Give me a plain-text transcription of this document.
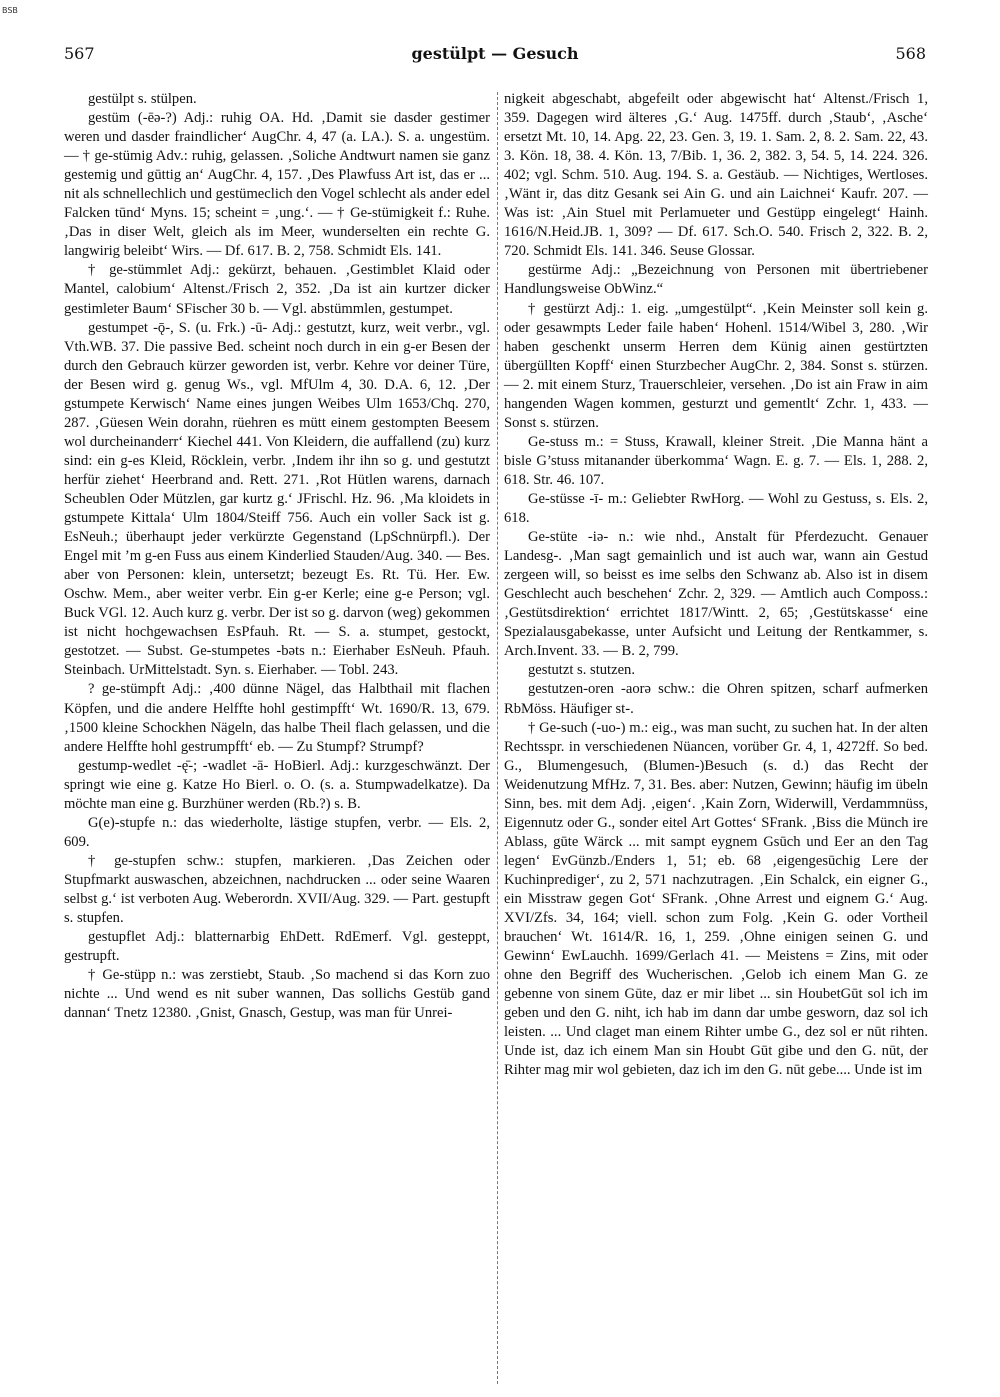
BSB
567	gestülpt — Gesuch	568

gestülpt s. stülpen.

gestüm (-ēə-?) Adj.: ruhig OA. Hd. ‚Damit sie dasder gestimer weren und dasder fraindlicher‘ AugChr. 4, 47 (a. LA.). S. a. ungestüm. — † ge-stümig Adv.: ruhig, gelassen. ‚Soliche Andtwurt namen sie ganz gestemig und gūttig an‘ AugChr. 4, 157. ‚Des Plawfuss Art ist, das er ... nit als schnellechlich und gestümeclich den Vogel schlecht als ander edel Falcken tūnd‘ Myns. 15; scheint = ‚ung.‘. — † Ge-stümigkeit f.: Ruhe. ‚Das in diser Welt, gleich als im Meer, wunderselten ein rechte G. langwirig beleibt‘ Wirs. — Df. 617. B. 2, 758. Schmidt Els. 141.

† ge-stümmlet Adj.: gekürzt, behauen. ‚Gestimblet Klaid oder Mantel, calobium‘ Altenst./Frisch 2, 352. ‚Da ist ain kurtzer dicker gestimleter Baum‘ SFischer 30 b. — Vgl. abstümmlen, gestumpet.

gestumpet -ǭ-, S. (u. Frk.) -ū- Adj.: gestutzt, kurz, weit verbr., vgl. Vth.WB. 37. Die passive Bed. scheint noch durch in ein g-er Besen der durch den Gebrauch kürzer geworden ist, verbr. Kehre vor deiner Türe, der Besen wird g. genug Ws., vgl. MfUlm 4, 30. D.A. 6, 12. ‚Der gstumpete Kerwisch‘ Name eines jungen Weibes Ulm 1653/Chq. 270, 287. ‚Güesen Wein dorahn, rüehren es mütt einem gestompten Beesem wol durcheinanderr‘ Kiechel 441. Von Kleidern, die auffallend (zu) kurz sind: ein g-es Kleid, Röcklein, verbr. ‚Indem ihr ihn so g. und gestutzt herfür ziehet‘ Heerbrand and. Rett. 271. ‚Rot Hütlen warens, darnach Scheublen Oder Mützlen, gar kurtz g.‘ JFrischl. Hz. 96. ‚Ma kloidets in gstumpete Kittala‘ Ulm 1804/Steiff 756. Auch ein voller Sack ist g. EsNeuh.; überhaupt jeder verkürzte Gegenstand (LpSchnürpfl.). Der Engel mit ’m g-en Fuss aus einem Kinderlied Stauden/Aug. 340. — Bes. aber von Personen: klein, untersetzt; bezeugt Es. Rt. Tü. Her. Ew. Oschw. Mem., aber weiter verbr. Ein g-er Kerle; eine g-e Person; vgl. Buck VGl. 12. Auch kurz g. verbr. Der ist so g. darvon (weg) gekommen ist nicht hochgewachsen EsPfauh. Rt. — S. a. stumpet, gestockt, gestotzet. — Subst. Ge-stumpetes -bəts n.: Eierhaber EsNeuh. Pfauh. Steinbach. UrMittelstadt. Syn. s. Eierhaber. — Tobl. 243.

? ge-stümpft Adj.: ‚400 dünne Nägel, das Halbthail mit flachen Köpfen, und die andere Helffte hohl gestimpfft‘ Wt. 1690/R. 13, 679. ‚1500 kleine Schockhen Nägeln, das halbe Theil flach gelassen, und die andere Helffte hohl gestrumpfft‘ eb. — Zu Stumpf? Strumpf?

gestump-wedlet -ę̄-; -wadlet -ā- HoBierl. Adj.: kurzgeschwänzt. Der springt wie eine g. Katze Ho Bierl. o. O. (s. a. Stumpwadelkatze). Da möchte man eine g. Burzhüner werden (Rb.?) s. B.

G(e)-stupfe n.: das wiederholte, lästige stupfen, verbr. — Els. 2, 609.

† ge-stupfen schw.: stupfen, markieren. ‚Das Zeichen oder Stupfmarkt auswaschen, abzeichnen, nachdrucken ... oder seine Waaren selbst g.‘ ist verboten Aug. Weberordn. XVII/Aug. 329. — Part. gestupft s. stupfen.

gestupflet Adj.: blatternarbig EhDett. RdEmerf. Vgl. gesteppt, gestrupft.

† Ge-stüpp n.: was zerstiebt, Staub. ‚So machend si das Korn zuo nichte ... Und wend es nit suber wannen, Das sollichs Gestüb gand dannan‘ Tnetz 12380. ‚Gnist, Gnasch, Gestup, was man für Unrei-

nigkeit abgeschabt, abgefeilt oder abgewischt hat‘ Altenst./Frisch 1, 359. Dagegen wird älteres ‚G.‘ Aug. 1475ff. durch ‚Staub‘, ‚Asche‘ ersetzt Mt. 10, 14. Apg. 22, 23. Gen. 3, 19. 1. Sam. 2, 8. 2. Sam. 22, 43. 3. Kön. 18, 38. 4. Kön. 13, 7/Bib. 1, 36. 2, 382. 3, 54. 5, 14. 224. 326. 402; vgl. Schm. 510. Aug. 194. S. a. Gestäub. — Nichtiges, Wertloses. ‚Wänt ir, das ditz Gesank sei Ain G. und ain Laichnei‘ Kaufr. 207. — Was ist: ‚Ain Stuel mit Perlamueter und Gestüpp eingelegt‘ Hainh. 1616/N.Heid.JB. 1, 309? — Df. 617. Sch.O. 540. Frisch 2, 322. B. 2, 720. Schmidt Els. 141. 346. Seuse Glossar.

gestürme Adj.: „Bezeichnung von Personen mit übertriebener Handlungsweise ObWinz.“

† gestürzt Adj.: 1. eig. „umgestülpt“. ‚Kein Meinster soll kein g. oder gesawmpts Leder faile haben‘ Hohenl. 1514/Wibel 3, 280. ‚Wir haben geschenkt unserm Herren dem Künig ainen gestürtzten übergüllten Kopff‘ einen Sturzbecher AugChr. 2, 384. Sonst s. stürzen. — 2. mit einem Sturz, Trauerschleier, versehen. ‚Do ist ain Fraw in aim hangenden Wagen kommen, gesturzt und gementlt‘ Zchr. 1, 433. — Sonst s. stürzen.

Ge-stuss m.: = Stuss, Krawall, kleiner Streit. ‚Die Manna hänt a bisle G’stuss mitanander überkomma‘ Wagn. E. g. 7. — Els. 1, 288. 2, 618. Str. 46. 107.

Ge-stüsse -ī- m.: Geliebter RwHorg. — Wohl zu Gestuss, s. Els. 2, 618.

Ge-stüte -iə- n.: wie nhd., Anstalt für Pferdezucht. Genauer Landesg-. ‚Man sagt gemainlich und ist auch war, wann ain Gestud zergeen will, so beisst es ime selbs den Schwanz ab. Also ist in disem Geschlecht auch beschehen‘ Zchr. 2, 329. — Amtlich auch Composs.: ‚Gestütsdirektion‘ errichtet 1817/Wintt. 2, 65; ‚Gestütskasse‘ eine Spezialausgabekasse, unter Aufsicht und Leitung der Rentkammer, s. Arch.Invent. 33. — B. 2, 799.

gestutzt s. stutzen.

gestutzen-oren -aorə schw.: die Ohren spitzen, scharf aufmerken RbMöss. Häufiger st-.

† Ge-such (-uo-) m.: eig., was man sucht, zu suchen hat. In der alten Rechtsspr. in verschiedenen Nüancen, vorüber Gr. 4, 1, 4272ff. So bed. G., Blumengesuch, (Blumen-)Besuch (s. d.) das Recht der Weidenutzung MfHz. 7, 31. Bes. aber: Nutzen, Gewinn; häufig im übeln Sinn, bes. mit dem Adj. ‚eigen‘. ‚Kain Zorn, Widerwill, Verdammnüss, Eigennutz oder G., sonder eitel Art Gottes‘ SFrank. ‚Biss die Münch ire Ablass, gūte Wärck ... mit sampt eygnem Gsūch und Eer an den Tag legen‘ EvGünzb./Enders 1, 51; eb. 68 ‚eigengesūchig Lere der Kuchinprediger‘, zu 2, 571 nachzutragen. ‚Ein Schalck, ein eigner G., ein Misstraw gegen Got‘ SFrank. ‚Ohne Arrest und eignem G.‘ Aug. XVI/Zfs. 34, 164; viell. schon zum Folg. ‚Kein G. oder Vortheil brauchen‘ Wt. 1614/R. 16, 1, 259. ‚Ohne einigen seinen G. und Gewinn‘ EwLauchh. 1699/Gerlach 41. — Meistens = Zins, mit oder ohne den Begriff des Wucherischen. ‚Gelob ich einem Man G. ze gebenne von sinem Gūte, daz er mir libet ... sin HoubetGūt sol ich im geben und den G. niht, ich hab im dann dar umbe gesworn, daz sol ich leisten. ... Und claget man einem Rihter umbe G., dez sol er nūt rihten. Unde ist, daz ich einem Man sin Houbt Gūt gibe und den G. nūt, der Rihter mag mir wol gebieten, daz ich im den G. nūt gebe.... Unde ist im
